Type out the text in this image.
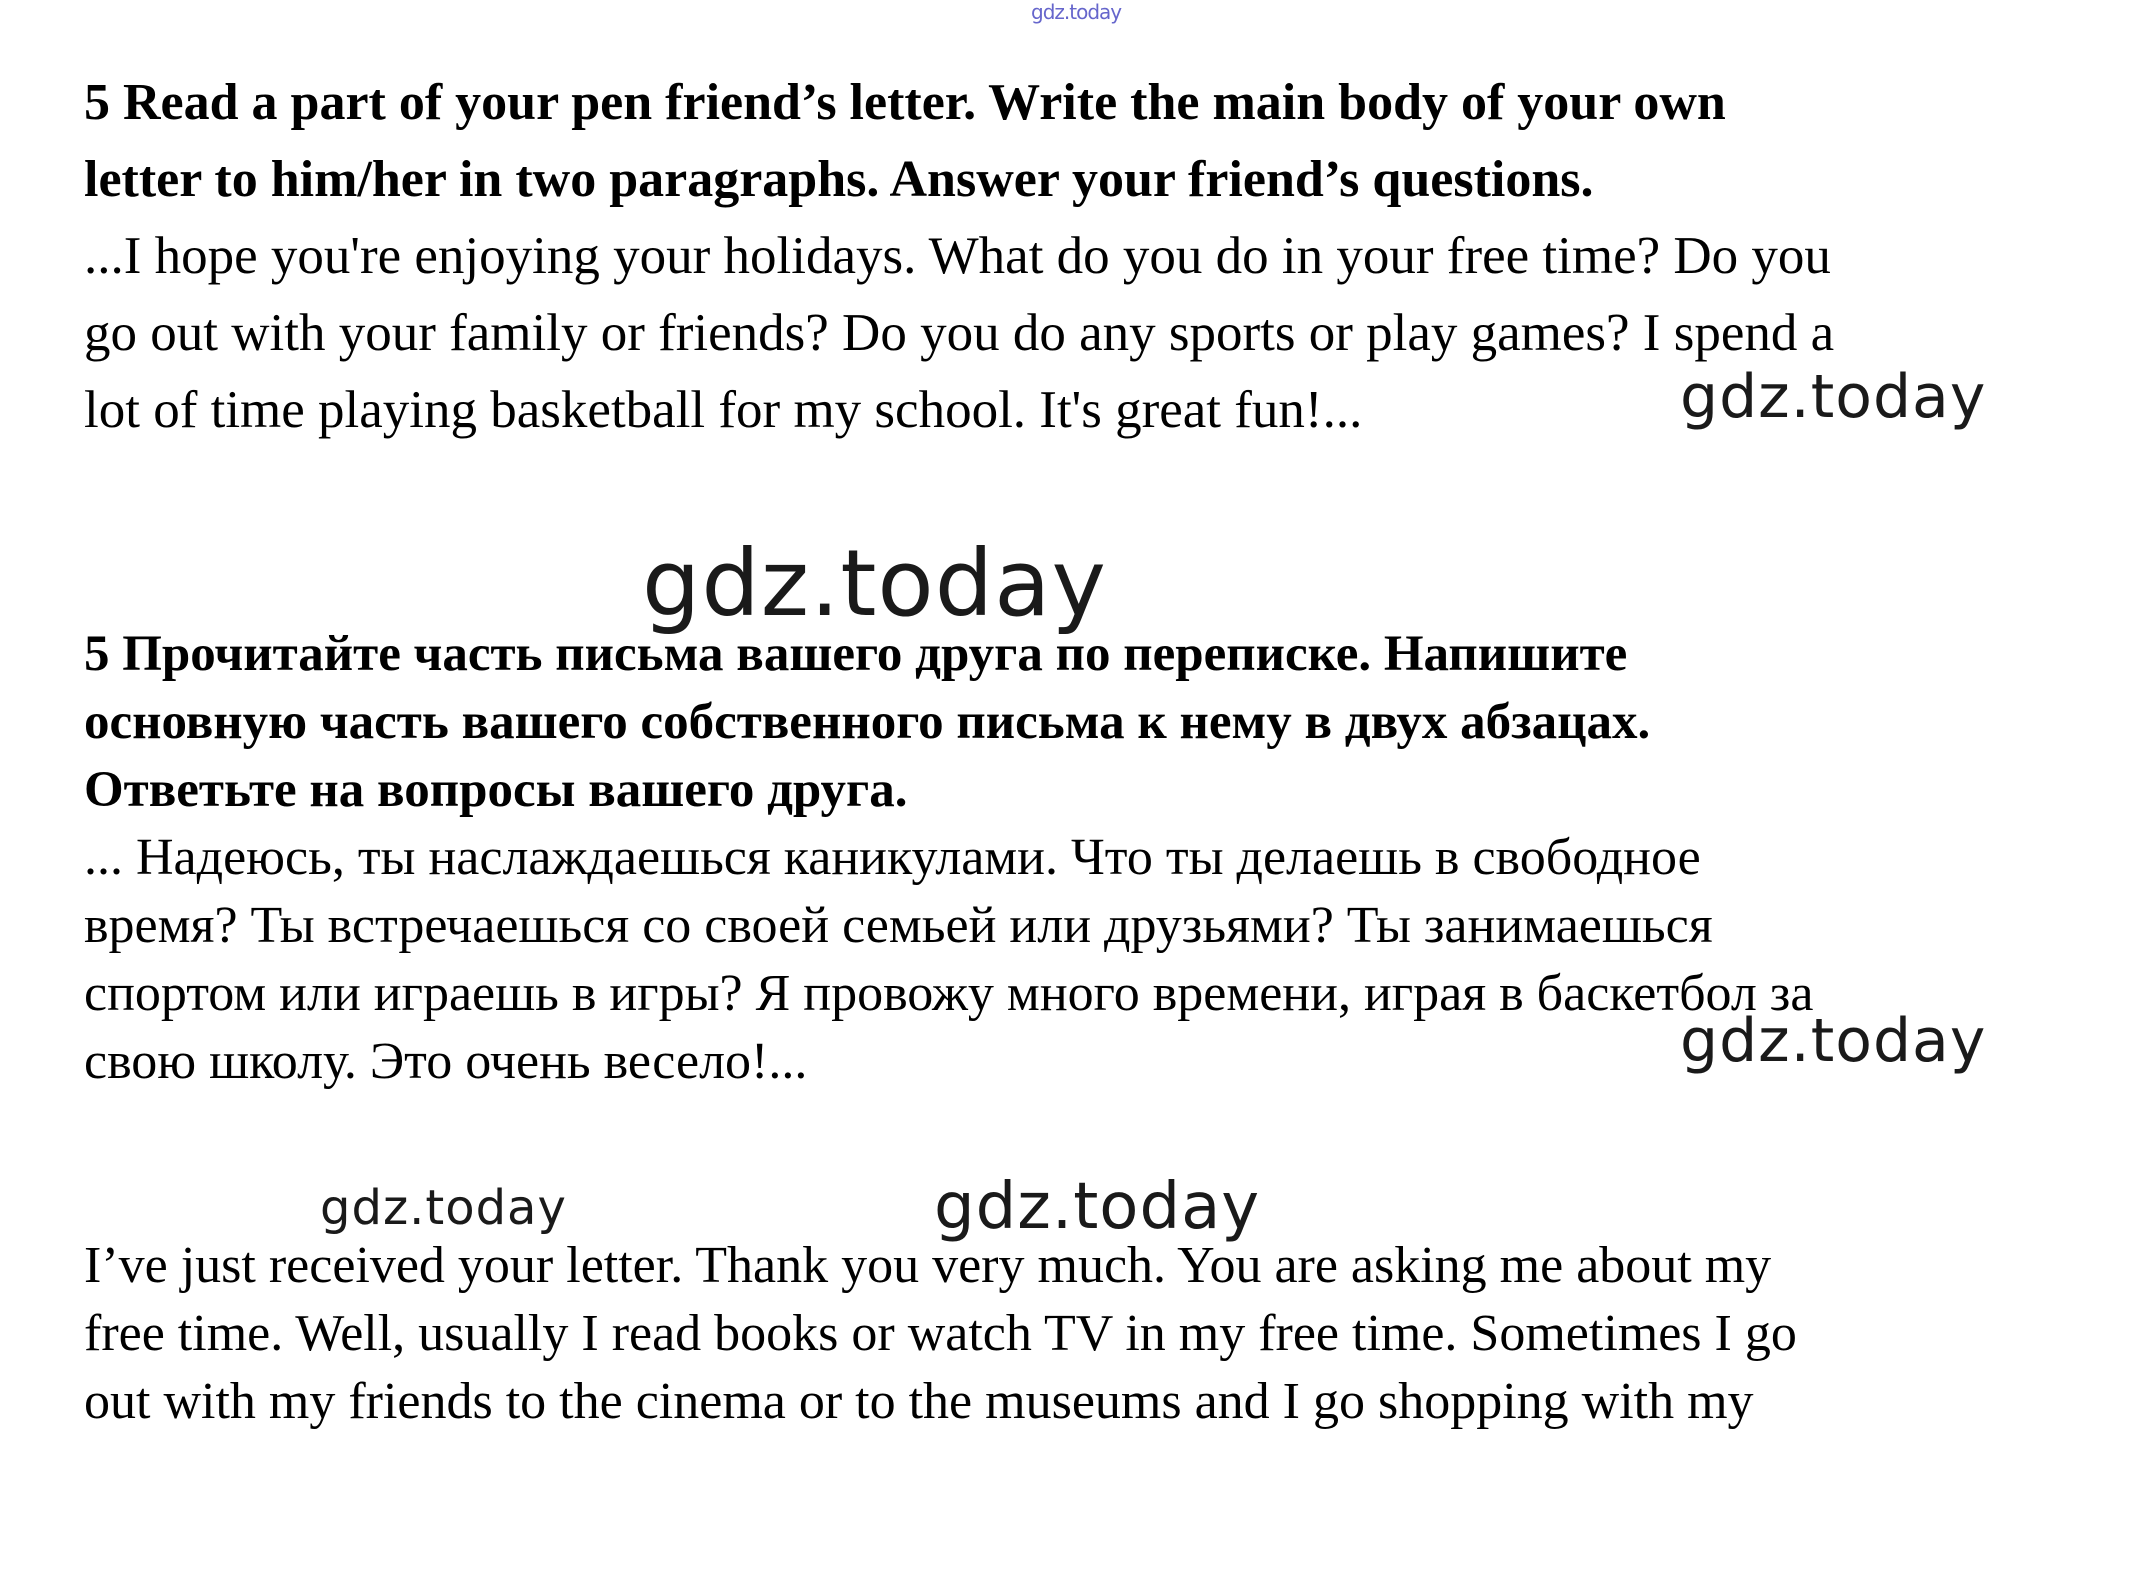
gdz.today
5 Read a part of your pen friend’s letter. Write the main body of your own
letter to him/her in two paragraphs. Answer your friend’s questions.
...I hope you're enjoying your holidays. What do you do in your free time? Do you
go out with your family or friends? Do you do any sports or play games? I spend a
lot of time playing basketball for my school. It's great fun!...
5 Прочитайте часть письма вашего друга по переписке. Напишите
основную часть вашего собственного письма к нему в двух абзацах.
Ответьте на вопросы вашего друга.
... Надеюсь, ты наслаждаешься каникулами. Что ты делаешь в свободное
время? Ты встречаешься со своей семьей или друзьями? Ты занимаешься
спортом или играешь в игры? Я провожу много времени, играя в баскетбол за
свою школу. Это очень весело!...
I’ve just received your letter. Thank you very much. You are asking me about my
free time. Well, usually I read books or watch TV in my free time. Sometimes I go
out with my friends to the cinema or to the museums and I go shopping with my
gdz.today
gdz.today
gdz.today
gdz.today	gdz.today
